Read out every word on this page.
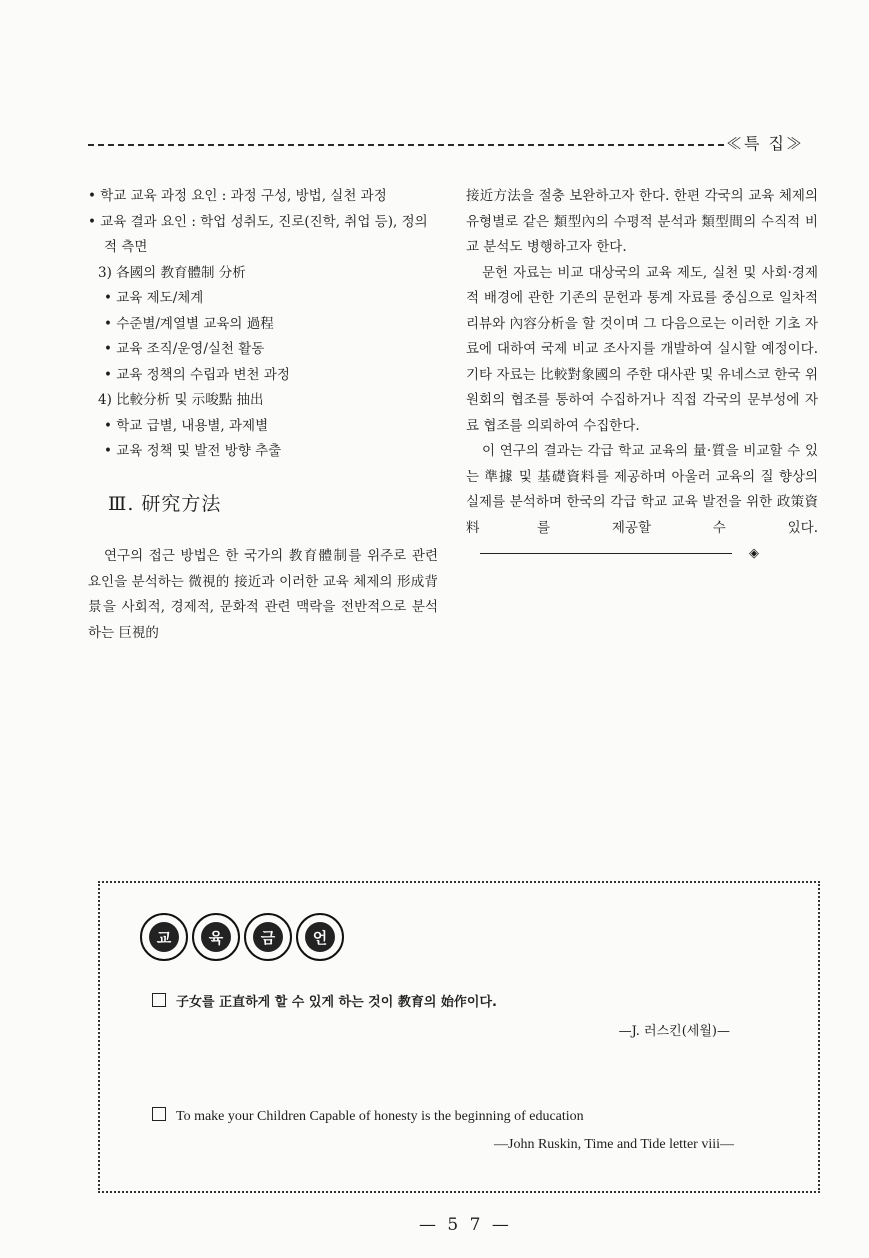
≪특 집≫

• 학교 교육 과정 요인 : 과정 구성, 방법, 실천 과정

• 교육 결과 요인 : 학업 성취도, 진로(진학, 취업 등), 정의적 측면

3) 各國의 教育體制 分析

• 교육 제도/체계

• 수준별/계열별 교육의 過程

• 교육 조직/운영/실천 활동

• 교육 정책의 수립과 변천 과정

4) 比較分析 및 示唆點 抽出

• 학교 급별, 내용별, 과제별

• 교육 정책 및 발전 방향 추출

Ⅲ. 研究方法

연구의 접근 방법은 한 국가의 教育體制를 위주로 관련 요인을 분석하는 微視的 接近과 이러한 교육 체제의 形成背景을 사회적, 경제적, 문화적 관련 맥락을 전반적으로 분석하는 巨視的

接近方法을 절충 보완하고자 한다. 한편 각국의 교육 체제의 유형별로 같은 類型內의 수평적 분석과 類型間의 수직적 비교 분석도 병행하고자 한다.

문헌 자료는 비교 대상국의 교육 제도, 실천 및 사회·경제적 배경에 관한 기존의 문헌과 통계 자료를 중심으로 일차적 리뷰와 內容分析을 할 것이며 그 다음으로는 이러한 기초 자료에 대하여 국제 비교 조사지를 개발하여 실시할 예정이다. 기타 자료는 比較對象國의 주한 대사관 및 유네스코 한국 위원회의 협조를 통하여 수집하거나 직접 각국의 문부성에 자료 협조를 의뢰하여 수집한다.

이 연구의 결과는 각급 학교 교육의 量·質을 비교할 수 있는 準據 및 基礎資料를 제공하며 아울러 교육의 질 향상의 실제를 분석하며 한국의 각급 학교 교육 발전을 위한 政策資料를 제공할 수 있다.◈

교	육	금	언
子女를 正直하게 할 수 있게 하는 것이 教育의 始作이다.
—J. 러스킨(세월)—
To make your Children Capable of honesty is the beginning of education
—John Ruskin, Time and Tide letter viii—
— 5 7 —
